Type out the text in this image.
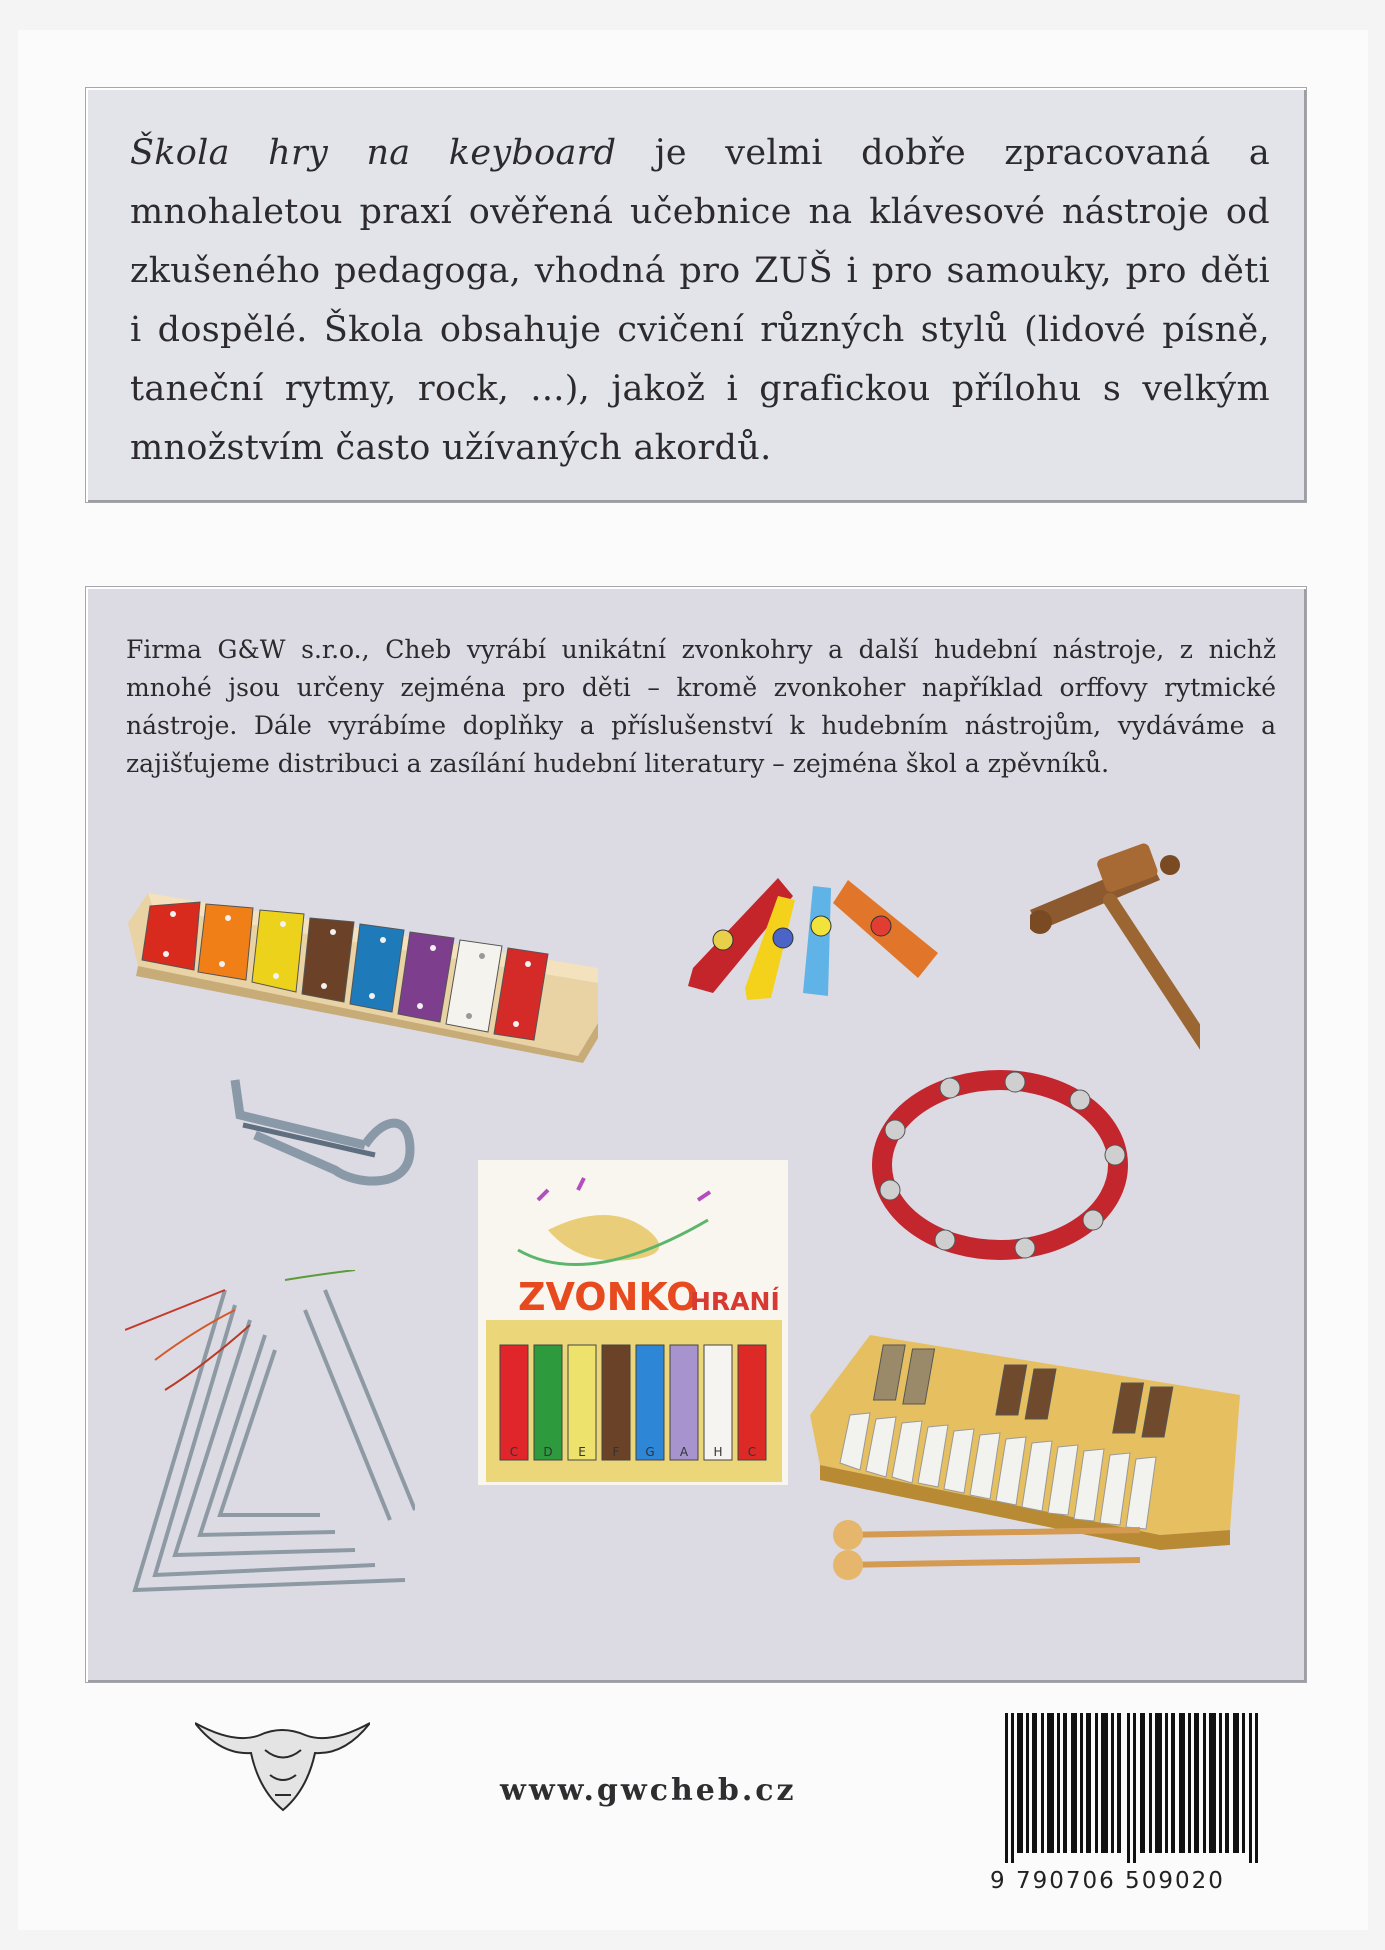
Škola hry na keyboard je velmi dobře zpracovaná a mnohaletou praxí ověřená učebnice na klávesové nástroje od zkušeného pedagoga, vhodná pro ZUŠ i pro samouky, pro děti i dospělé. Škola obsahuje cvičení různých stylů (lidové písně, taneční rytmy, rock, ...), jakož i grafickou přílohu s velkým množstvím často užívaných akordů.

Firma G&W s.r.o., Cheb vyrábí unikátní zvonkohry a další hudební nástroje, z nichž mnohé jsou určeny zejména pro děti – kromě zvonkoher například orffovy rytmické nástroje. Dále vyrábíme doplňky a příslušenství k hudebním nástrojům, vydáváme a zajišťujeme distribuci a zasílání hudební literatury – zejména škol a zpěvníků.

ZVONKO
HRANÍ
C D E F G A H C
www.gwcheb.cz
9 790706 509020
